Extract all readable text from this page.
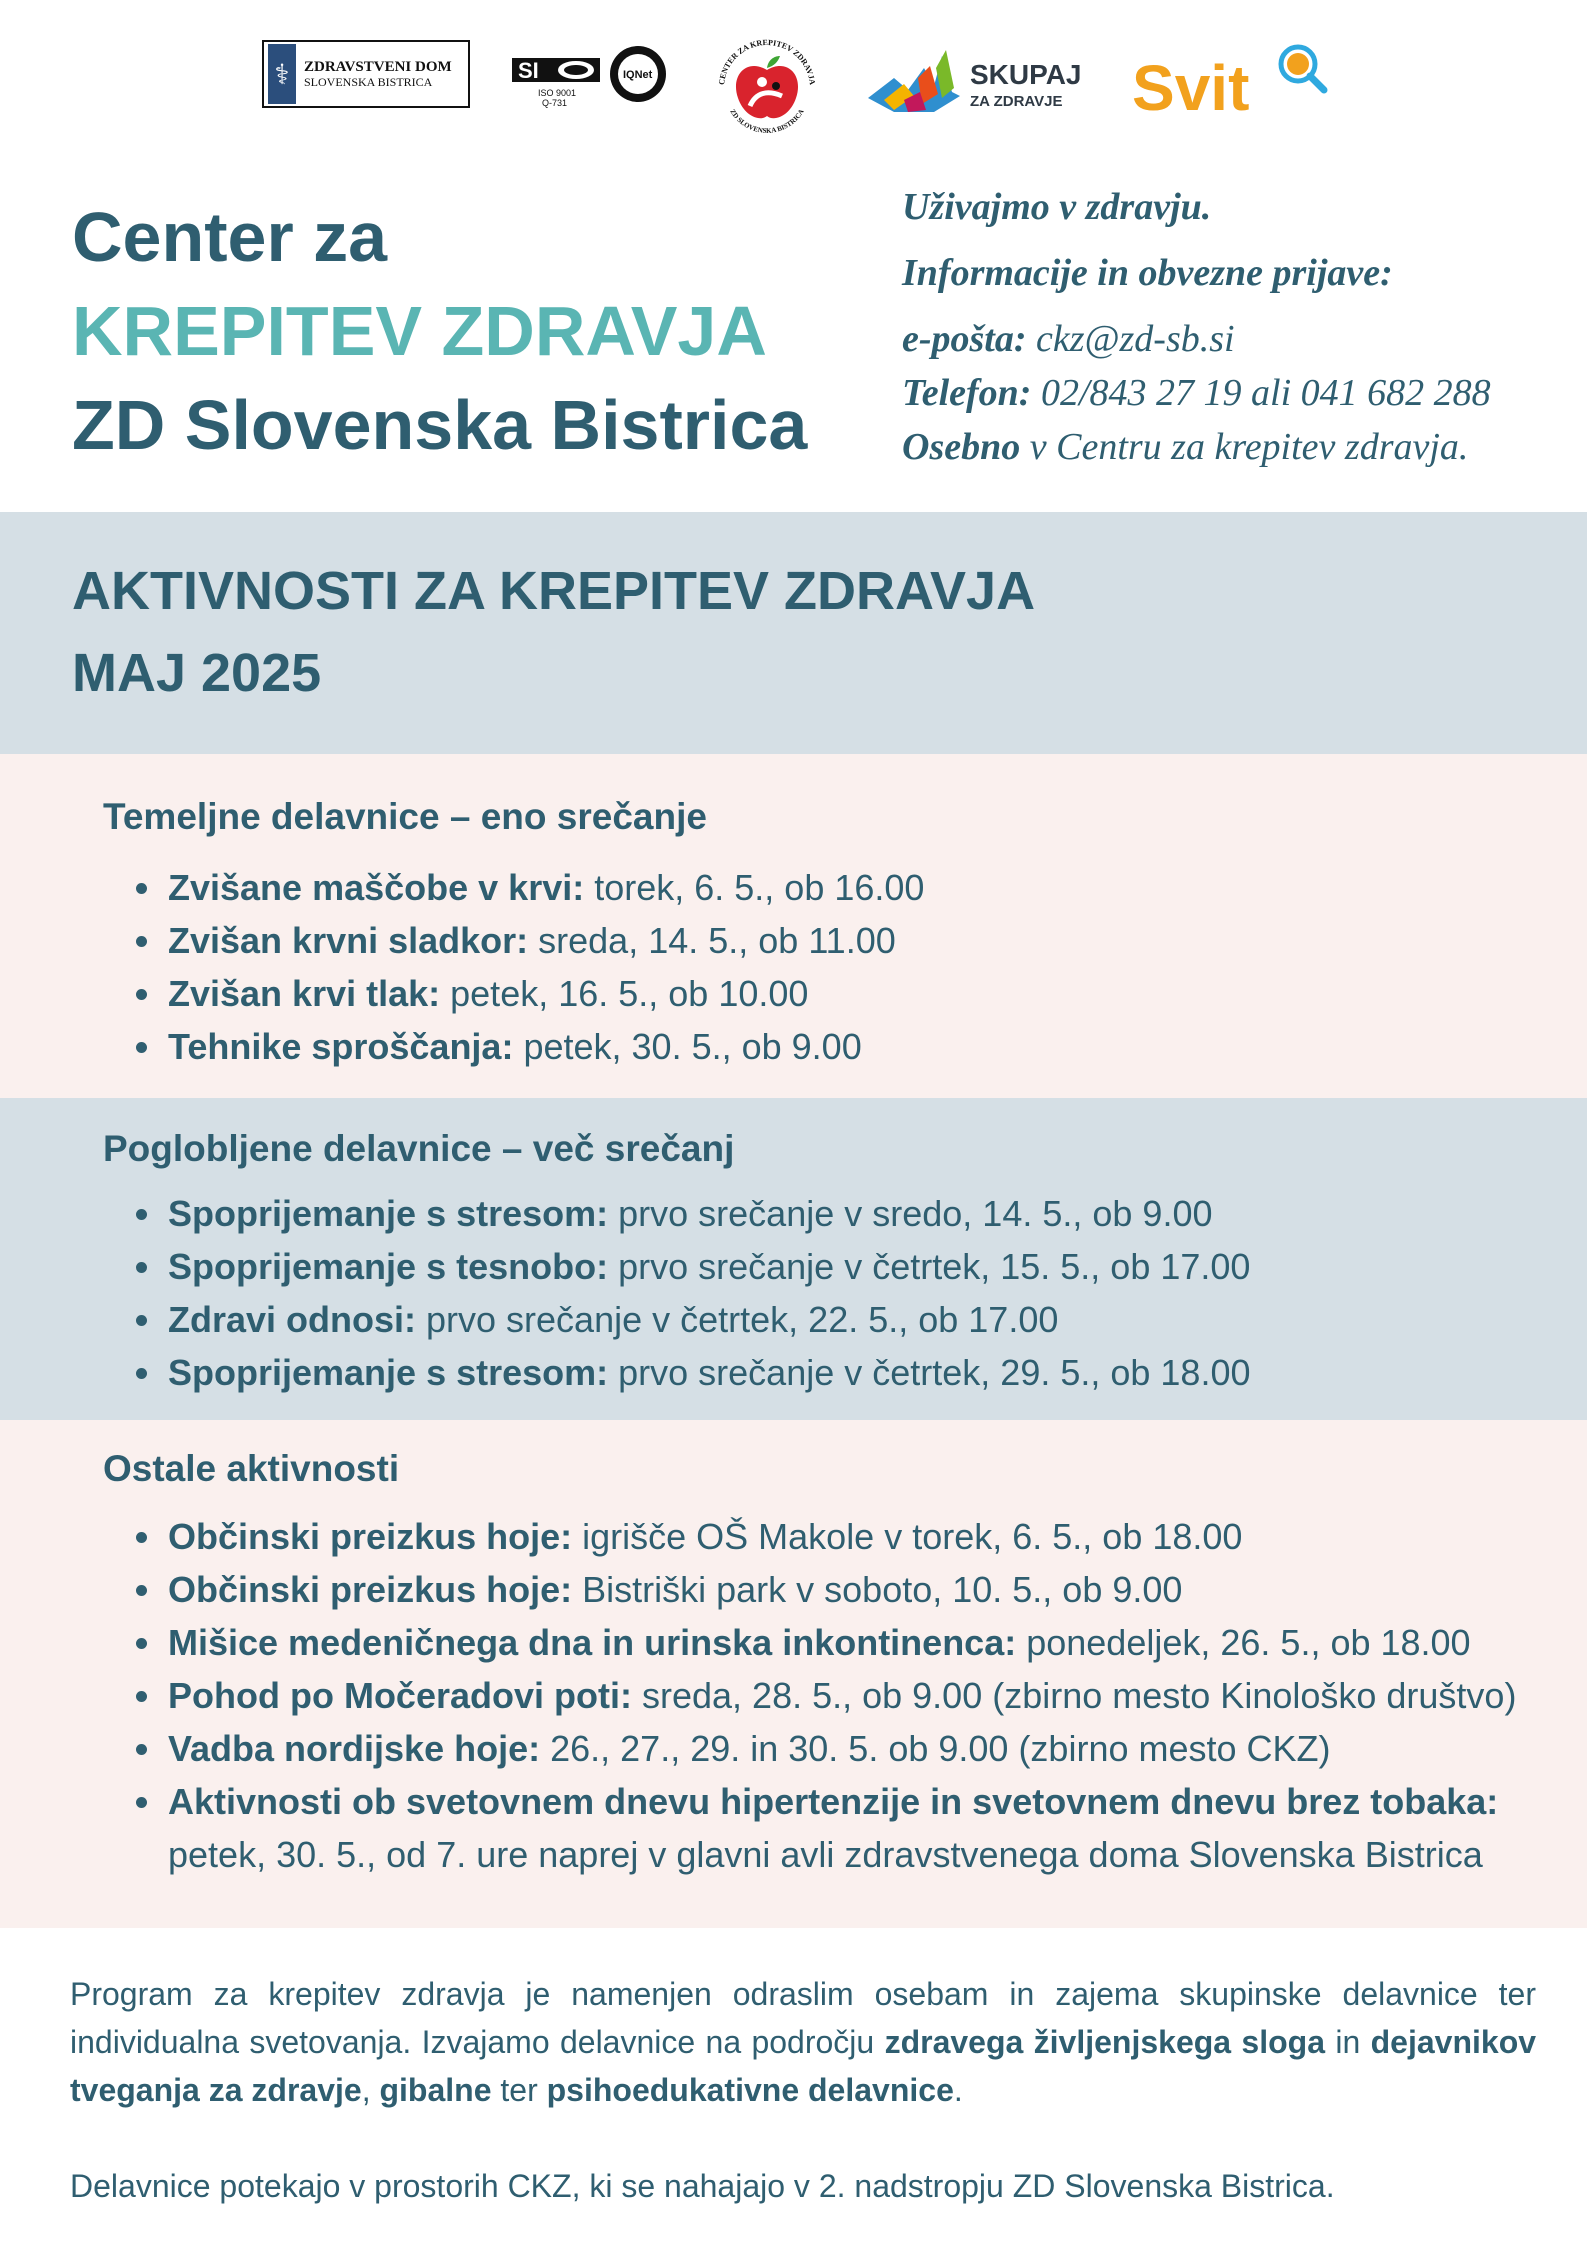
⚕ ZDRAVSTVENI DOM
SLOVENSKA BISTRICA	SI
ISO 9001
Q-731
IQNet
CENTER ZA KREPITEV ZDRAVJA
ZD SLOVENSKA BISTRICA
SKUPAJ
ZA ZDRAVJE Svit
Center za
KREPITEV ZDRAVJA
ZD Slovenska Bistrica
Uživajmo v zdravju.
Informacije in obvezne prijave:
e-pošta: ckz@zd-sb.si
Telefon: 02/843 27 19 ali 041 682 288
Osebno v Centru za krepitev zdravja.
AKTIVNOSTI ZA KREPITEV ZDRAVJA
MAJ 2025
Temeljne delavnice – eno srečanje
Zvišane maščobe v krvi: torek, 6. 5., ob 16.00
Zvišan krvni sladkor: sreda, 14. 5., ob 11.00
Zvišan krvi tlak: petek, 16. 5., ob 10.00
Tehnike sproščanja: petek, 30. 5., ob 9.00
Poglobljene delavnice – več srečanj
Spoprijemanje s stresom: prvo srečanje v sredo, 14. 5., ob 9.00
Spoprijemanje s tesnobo: prvo srečanje v četrtek, 15. 5., ob 17.00
Zdravi odnosi: prvo srečanje v četrtek, 22. 5., ob 17.00
Spoprijemanje s stresom: prvo srečanje v četrtek, 29. 5., ob 18.00
Ostale aktivnosti
Občinski preizkus hoje: igrišče OŠ Makole v torek, 6. 5., ob 18.00
Občinski preizkus hoje: Bistriški park v soboto, 10. 5., ob 9.00
Mišice medeničnega dna in urinska inkontinenca: ponedeljek, 26. 5., ob 18.00
Pohod po Močeradovi poti: sreda, 28. 5., ob 9.00 (zbirno mesto Kinološko društvo)
Vadba nordijske hoje: 26., 27., 29. in 30. 5. ob 9.00 (zbirno mesto CKZ)
Aktivnosti ob svetovnem dnevu hipertenzije in svetovnem dnevu brez tobaka:
petek, 30. 5., od 7. ure naprej v glavni avli zdravstvenega doma Slovenska Bistrica

Program za krepitev zdravja je namenjen odraslim osebam in zajema skupinske delavnice ter individualna svetovanja. Izvajamo delavnice na področju zdravega življenjskega sloga in dejavnikov tveganja za zdravje, gibalne ter psihoedukativne delavnice.

Delavnice potekajo v prostorih CKZ, ki se nahajajo v 2. nadstropju ZD Slovenska Bistrica.
